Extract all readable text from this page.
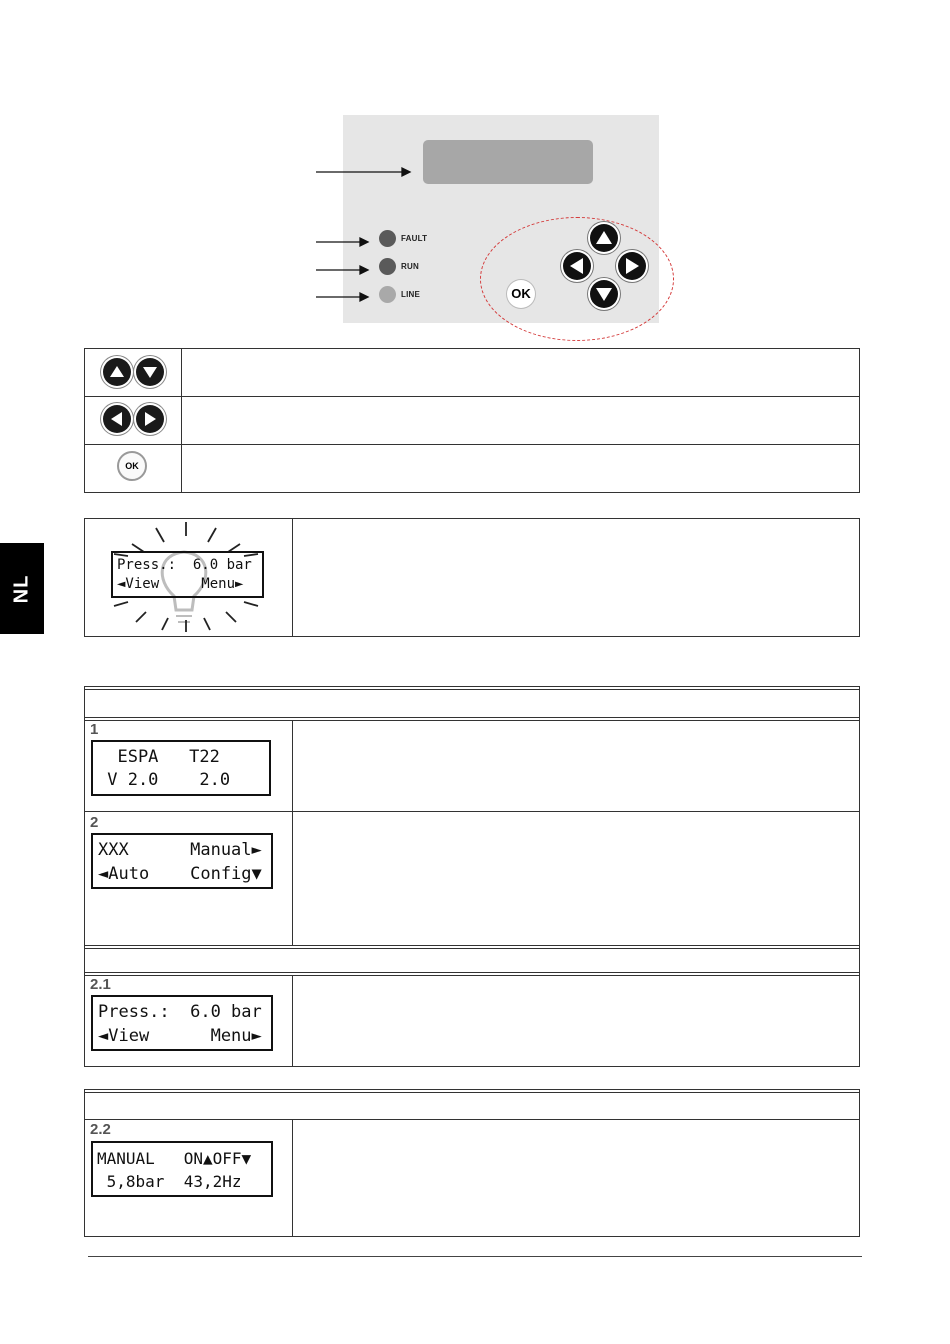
FAULT
RUN
LINE	OK
OK
NL

Press.:  6.0 bar

◄View     Menu►

1

ESPA   T22

V 2.0    2.0

2

XXX      Manual►

◄Auto    Config▼

2.1

Press.:  6.0 bar

◄View      Menu►

2.2

MANUAL   ON▲OFF▼

5,8bar  43,2Hz
